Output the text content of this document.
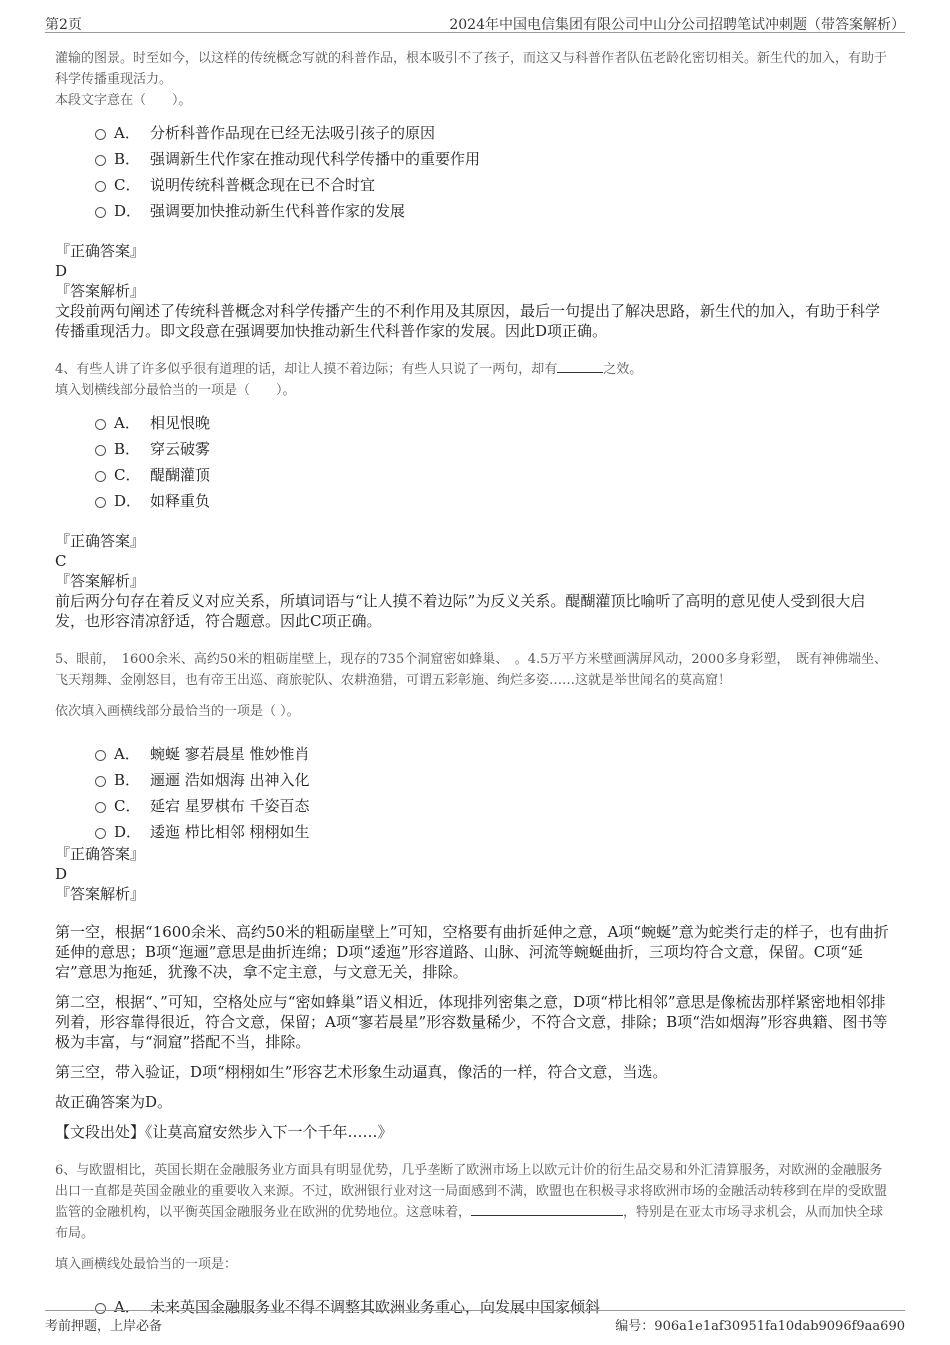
第2页	2024年中国电信集团有限公司中山分公司招聘笔试冲刺题（带答案解析）

灌输的图景。时至如今，以这样的传统概念写就的科普作品，根本吸引不了孩子，而这又与科普作者队伍老龄化密切相关。新生代的加入，有助于科学传播重现活力。

本段文字意在（　　）。

A． 分析科普作品现在已经无法吸引孩子的原因
B． 强调新生代作家在推动现代科学传播中的重要作用
C． 说明传统科普概念现在已不合时宜
D． 强调要加快推动新生代科普作家的发展

『正确答案』

D

『答案解析』

文段前两句阐述了传统科普概念对科学传播产生的不利作用及其原因，最后一句提出了解决思路，新生代的加入，有助于科学传播重现活力。即文段意在强调要加快推动新生代科普作家的发展。因此D项正确。

4、有些人讲了许多似乎很有道理的话，却让人摸不着边际；有些人只说了一两句，却有	之效。

填入划横线部分最恰当的一项是（　　）。

A． 相见恨晚
B． 穿云破雾
C． 醍醐灌顶
D． 如释重负

『正确答案』

C

『答案解析』

前后两分句存在着反义对应关系，所填词语与“让人摸不着边际”为反义关系。醍醐灌顶比喻听了高明的意见使人受到很大启发，也形容清凉舒适，符合题意。因此C项正确。

5、眼前，　1600余米、高约50米的粗砺崖壁上，现存的735个洞窟密如蜂巢、　。4.5万平方米壁画满屏风动，2000多身彩塑，　既有神佛端坐、飞天翔舞、金刚怒目，也有帝王出巡、商旅驼队、农耕渔猎，可谓五彩彰施、绚烂多姿……这就是举世闻名的莫高窟！

依次填入画横线部分最恰当的一项是（ ）。

A． 蜿蜒 寥若晨星 惟妙惟肖
B． 逦逦 浩如烟海 出神入化
C． 延宕 星罗棋布 千姿百态
D． 逶迤 栉比相邻 栩栩如生

『正确答案』

D

『答案解析』

第一空，根据“1600余米、高约50米的粗砺崖壁上”可知，空格要有曲折延伸之意，A项“蜿蜒”意为蛇类行走的样子，也有曲折延伸的意思；B项“迤逦”意思是曲折连绵；D项“逶迤”形容道路、山脉、河流等蜿蜒曲折，三项均符合文意，保留。C项“延宕”意思为拖延，犹豫不决，拿不定主意，与文意无关，排除。

第二空，根据“、”可知，空格处应与“密如蜂巢”语义相近，体现排列密集之意，D项“栉比相邻”意思是像梳齿那样紧密地相邻排列着，形容靠得很近，符合文意，保留；A项“寥若晨星”形容数量稀少，不符合文意，排除；B项“浩如烟海”形容典籍、图书等极为丰富，与“洞窟”搭配不当，排除。

第三空，带入验证，D项“栩栩如生”形容艺术形象生动逼真，像活的一样，符合文意，当选。

故正确答案为D。

【文段出处】《让莫高窟安然步入下一个千年……》

6、与欧盟相比，英国长期在金融服务业方面具有明显优势，几乎垄断了欧洲市场上以欧元计价的衍生品交易和外汇清算服务，对欧洲的金融服务出口一直都是英国金融业的重要收入来源。不过，欧洲银行业对这一局面感到不满，欧盟也在积极寻求将欧洲市场的金融活动转移到在岸的受欧盟监管的金融机构，以平衡英国金融服务业在欧洲的优势地位。这意味着，	，特别是在亚太市场寻求机会，从而加快全球布局。

填入画横线处最恰当的一项是：

A． 未来英国金融服务业不得不调整其欧洲业务重心，向发展中国家倾斜
考前押题，上岸必备	编号：906a1e1af30951fa10dab9096f9aa690
